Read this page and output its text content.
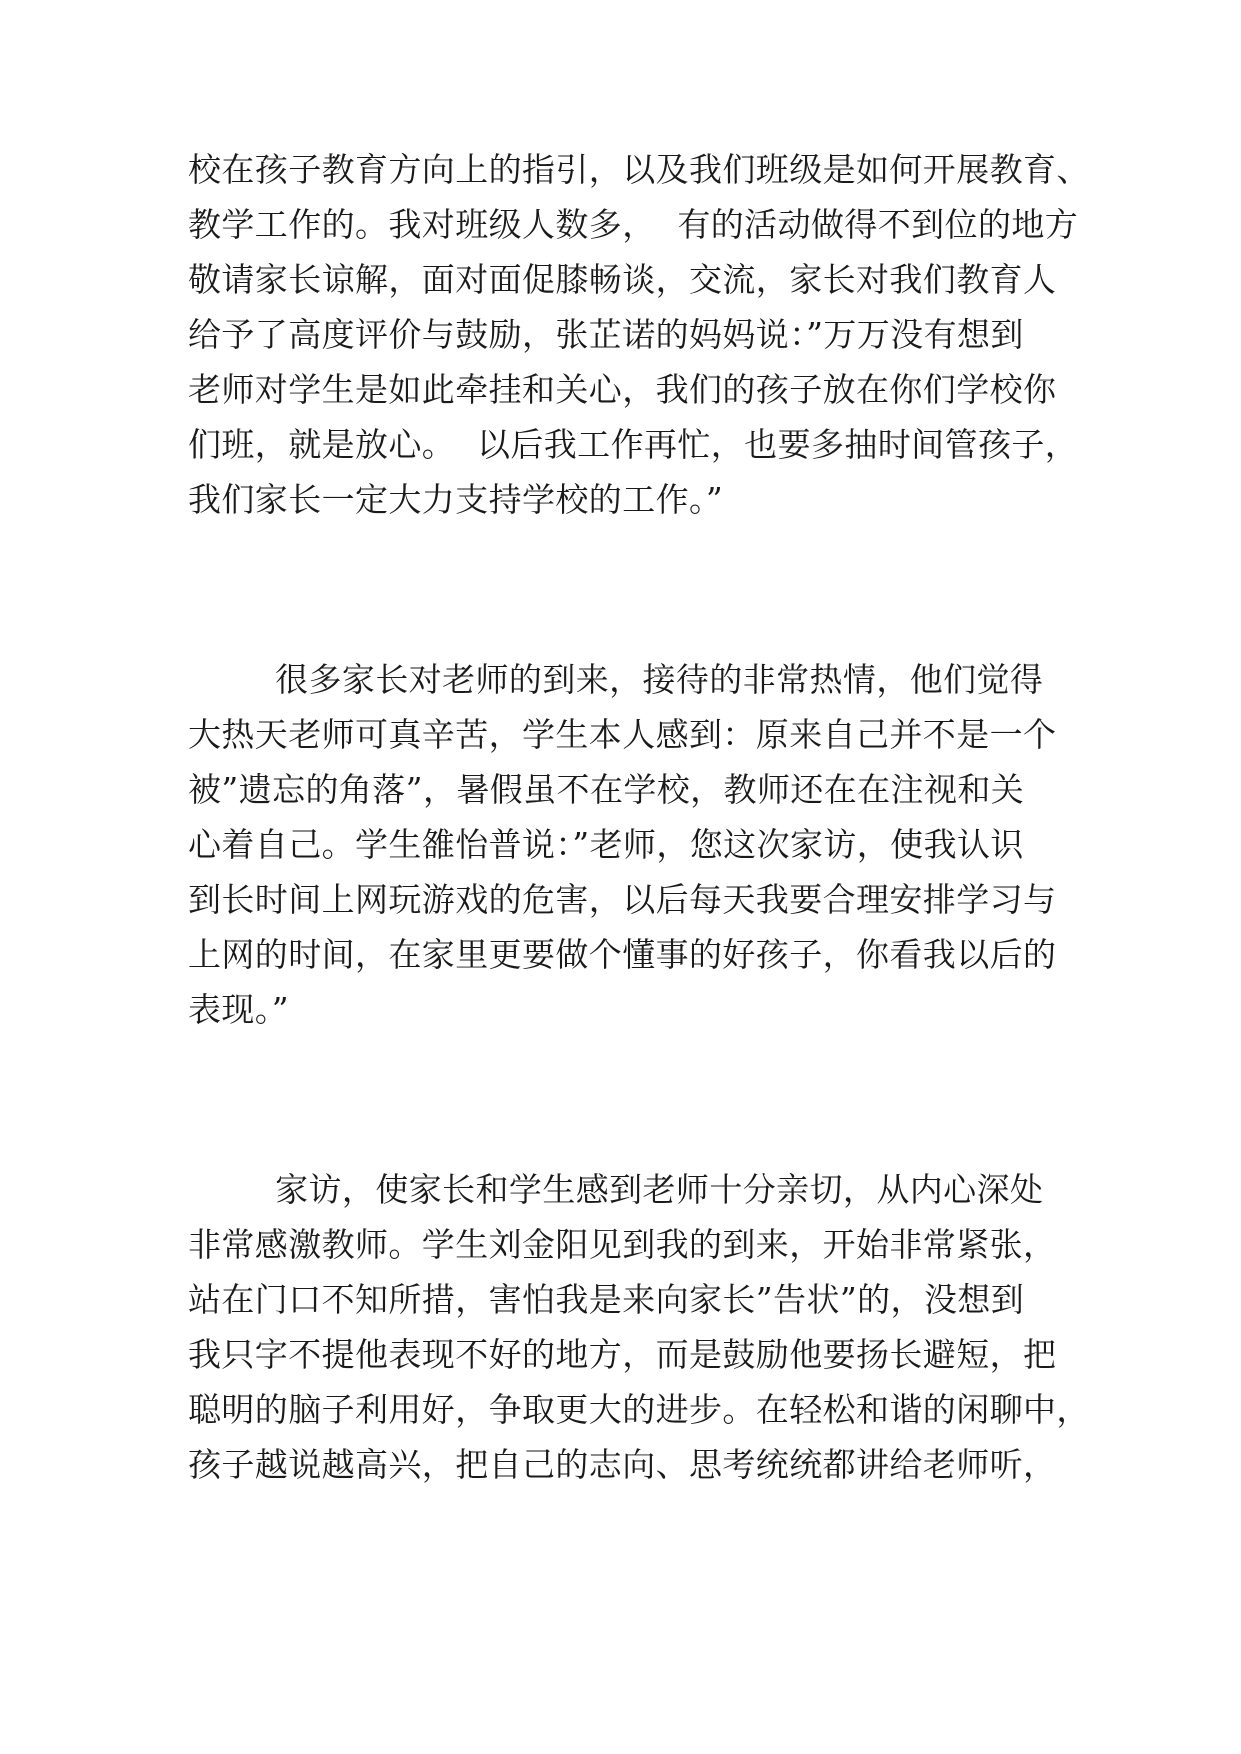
校在孩子教育方向上的指引，以及我们班级是如何开展教育、
教学工作的。我对班级人数多，  有的活动做得不到位的地方
敬请家长谅解，面对面促膝畅谈，交流，家长对我们教育人
给予了高度评价与鼓励，张芷诺的妈妈说：”万万没有想到
老师对学生是如此牵挂和关心，我们的孩子放在你们学校你
们班，就是放心。  以后我工作再忙，也要多抽时间管孩子，
我们家长一定大力支持学校的工作。”
很多家长对老师的到来，接待的非常热情，他们觉得
大热天老师可真辛苦，学生本人感到：原来自己并不是一个
被”遗忘的角落”，暑假虽不在学校，教师还在在注视和关
心着自己。学生雒怡普说：”老师，您这次家访，使我认识
到长时间上网玩游戏的危害，以后每天我要合理安排学习与
上网的时间，在家里更要做个懂事的好孩子，你看我以后的
表现。”
家访，使家长和学生感到老师十分亲切，从内心深处
非常感激教师。学生刘金阳见到我的到来，开始非常紧张，
站在门口不知所措，害怕我是来向家长”告状”的，没想到
我只字不提他表现不好的地方，而是鼓励他要扬长避短，把
聪明的脑子利用好，争取更大的进步。在轻松和谐的闲聊中，
孩子越说越高兴，把自己的志向、思考统统都讲给老师听，
